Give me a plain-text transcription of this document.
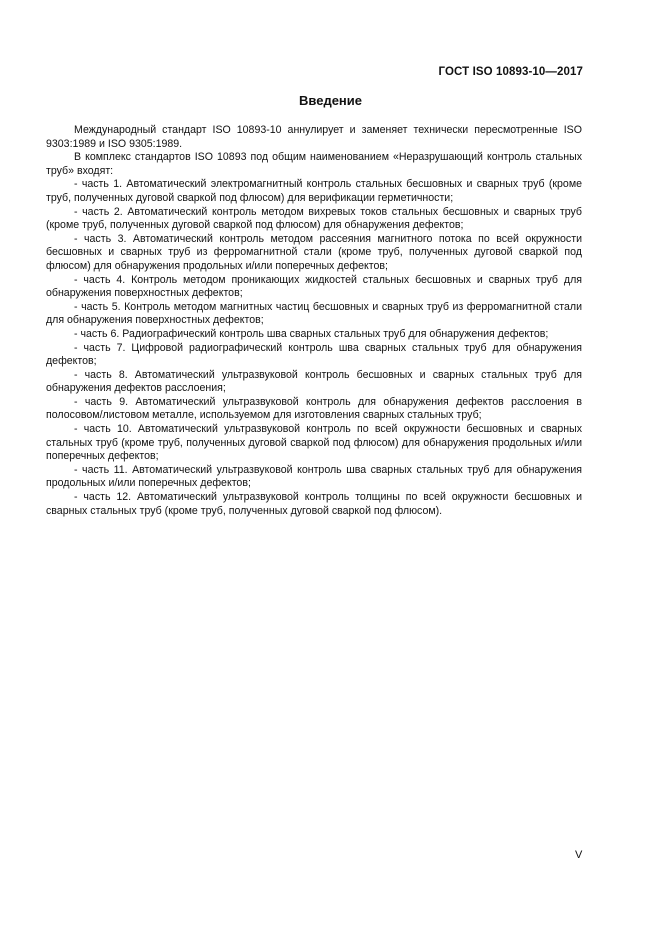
ГОСТ ISO 10893-10—2017
Введение

Международный стандарт ISO 10893-10 аннулирует и заменяет технически пересмотренные ISO 9303:1989 и ISO 9305:1989.

В комплекс стандартов ISO 10893 под общим наименованием «Неразрушающий контроль стальных труб» входят:

- часть 1. Автоматический электромагнитный контроль стальных бесшовных и сварных труб (кроме труб, полученных дуговой сваркой под флюсом) для верификации герметичности;

- часть 2. Автоматический контроль методом вихревых токов стальных бесшовных и сварных труб (кроме труб, полученных дуговой сваркой под флюсом) для обнаружения дефектов;

- часть 3. Автоматический контроль методом рассеяния магнитного потока по всей окружности бесшовных и сварных труб из ферромагнитной стали (кроме труб, полученных дуговой сваркой под флюсом) для обнаружения продольных и/или поперечных дефектов;

- часть 4. Контроль методом проникающих жидкостей стальных бесшовных и сварных труб для обнаружения поверхностных дефектов;

- часть 5. Контроль методом магнитных частиц бесшовных и сварных труб из ферромагнитной стали для обнаружения поверхностных дефектов;

- часть 6. Радиографический контроль шва сварных стальных труб для обнаружения дефектов;

- часть 7. Цифровой радиографический контроль шва сварных стальных труб для обнаружения дефектов;

- часть 8. Автоматический ультразвуковой контроль бесшовных и сварных стальных труб для обнаружения дефектов расслоения;

- часть 9. Автоматический ультразвуковой контроль для обнаружения дефектов расслоения в полосовом/листовом металле, используемом для изготовления сварных стальных труб;

- часть 10. Автоматический ультразвуковой контроль по всей окружности бесшовных и сварных стальных труб (кроме труб, полученных дуговой сваркой под флюсом) для обнаружения продольных и/или поперечных дефектов;

- часть 11. Автоматический ультразвуковой контроль шва сварных стальных труб для обнаружения продольных и/или поперечных дефектов;

- часть 12. Автоматический ультразвуковой контроль толщины по всей окружности бесшовных и сварных стальных труб (кроме труб, полученных дуговой сваркой под флюсом).

V
